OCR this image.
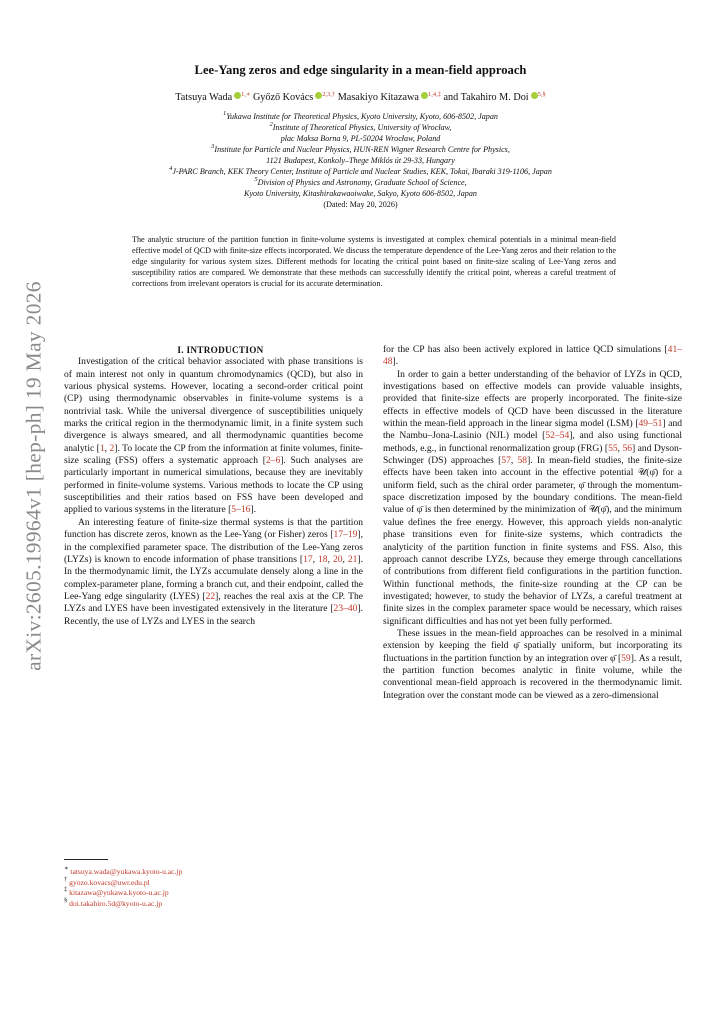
arXiv:2605.19964v1 [hep-ph] 19 May 2026
Lee-Yang zeros and edge singularity in a mean-field approach
Tatsuya Wada $^{1,∗}$ Győző Kovács $^{2,3,\dagger}$ Masakiyo Kitazawa $^{1,4,\ddagger}$ and Takahiro M. Doi $^{5,\S}$
$^1$Yukawa Institute for Theoretical Physics, Kyoto University, Kyoto, 606-8502, Japan
$^2$Institute of Theoretical Physics, University of Wrocław,
plac Maksa Borna 9, PL-50204 Wrocław, Poland
$^3$Institute for Particle and Nuclear Physics, HUN-REN Wigner Research Centre for Physics,
1121 Budapest, Konkoly–Thege Miklós út 29-33, Hungary
$^4$J-PARC Branch, KEK Theory Center, Institute of Particle and Nuclear Studies, KEK, Tokai, Ibaraki 319-1106, Japan
$^5$Division of Physics and Astronomy, Graduate School of Science,
Kyoto University, Kitashirakawaoiwake, Sakyo, Kyoto 606-8502, Japan
(Dated: May 20, 2026)
The analytic structure of the partition function in finite-volume systems is investigated at complex chemical potentials in a minimal mean-field effective model of QCD with finite-size effects incorporated. We discuss the temperature dependence of the Lee-Yang zeros and their relation to the edge singularity for various system sizes. Different methods for locating the critical point based on finite-size scaling of Lee-Yang zeros and susceptibility ratios are compared. We demonstrate that these methods can successfully identify the critical point, whereas a careful treatment of corrections from irrelevant operators is crucial for its accurate determination.

I. INTRODUCTION

Investigation of the critical behavior associated with phase transitions is of main interest not only in quantum chromodynamics (QCD), but also in various physical systems. However, locating a second-order critical point (CP) using thermodynamic observables in finite-volume systems is a nontrivial task. While the universal divergence of susceptibilities uniquely marks the critical region in the thermodynamic limit, in a finite system such divergence is always smeared, and all thermodynamic quantities become analytic [1, 2]. To locate the CP from the information at finite volumes, finite-size scaling (FSS) offers a systematic approach [2–6]. Such analyses are particularly important in numerical simulations, because they are inevitably performed in finite-volume systems. Various methods to locate the CP using susceptibilities and their ratios based on FSS have been developed and applied to various systems in the literature [5–16].

An interesting feature of finite-size thermal systems is that the partition function has discrete zeros, known as the Lee-Yang (or Fisher) zeros [17–19], in the complexified parameter space. The distribution of the Lee-Yang zeros (LYZs) is known to encode information of phase transitions [17, 18, 20, 21]. In the thermodynamic limit, the LYZs accumulate densely along a line in the complex-parameter plane, forming a branch cut, and their endpoint, called the Lee-Yang edge singularity (LYES) [22], reaches the real axis at the CP. The LYZs and LYES have been investigated extensively in the literature [23–40]. Recently, the use of LYZs and LYES in the search

for the CP has also been actively explored in lattice QCD simulations [41–48].

In order to gain a better understanding of the behavior of LYZs in QCD, investigations based on effective models can provide valuable insights, provided that finite-size effects are properly incorporated. The finite-size effects in effective models of QCD have been discussed in the literature within the mean-field approach in the linear sigma model (LSM) [49–51] and the Nambu–Jona-Lasinio (NJL) model [52–54], and also using functional methods, e.g., in functional renormalization group (FRG) [55, 56] and Dyson-Schwinger (DS) approaches [57, 58]. In mean-field studies, the finite-size effects have been taken into account in the effective potential 𝒰(φ̄) for a uniform field, such as the chiral order parameter, φ̄ through the momentum-space discretization imposed by the boundary conditions. The mean-field value of φ̄ is then determined by the minimization of 𝒰(φ̄), and the minimum value defines the free energy. However, this approach yields non-analytic phase transitions even for finite-size systems, which contradicts the analyticity of the partition function in finite systems and FSS. Also, this approach cannot describe LYZs, because they emerge through cancellations of contributions from different field configurations in the partition function. Within functional methods, the finite-size rounding at the CP can be investigated; however, to study the behavior of LYZs, a careful treatment at finite sizes in the complex parameter space would be necessary, which raises significant difficulties and has not yet been fully performed.

These issues in the mean-field approaches can be resolved in a minimal extension by keeping the field φ̄ spatially uniform, but incorporating its fluctuations in the partition function by an integration over φ̄ [59]. As a result, the partition function becomes analytic in finite volume, while the conventional mean-field approach is recovered in the thermodynamic limit. Integration over the constant mode can be viewed as a zero-dimensional

∗ tatsuya.wada@yukawa.kyoto-u.ac.jp
† gyozo.kovacs@uwr.edu.pl
‡ kitazawa@yukawa.kyoto-u.ac.jp
§ doi.takahiro.5d@kyoto-u.ac.jp
